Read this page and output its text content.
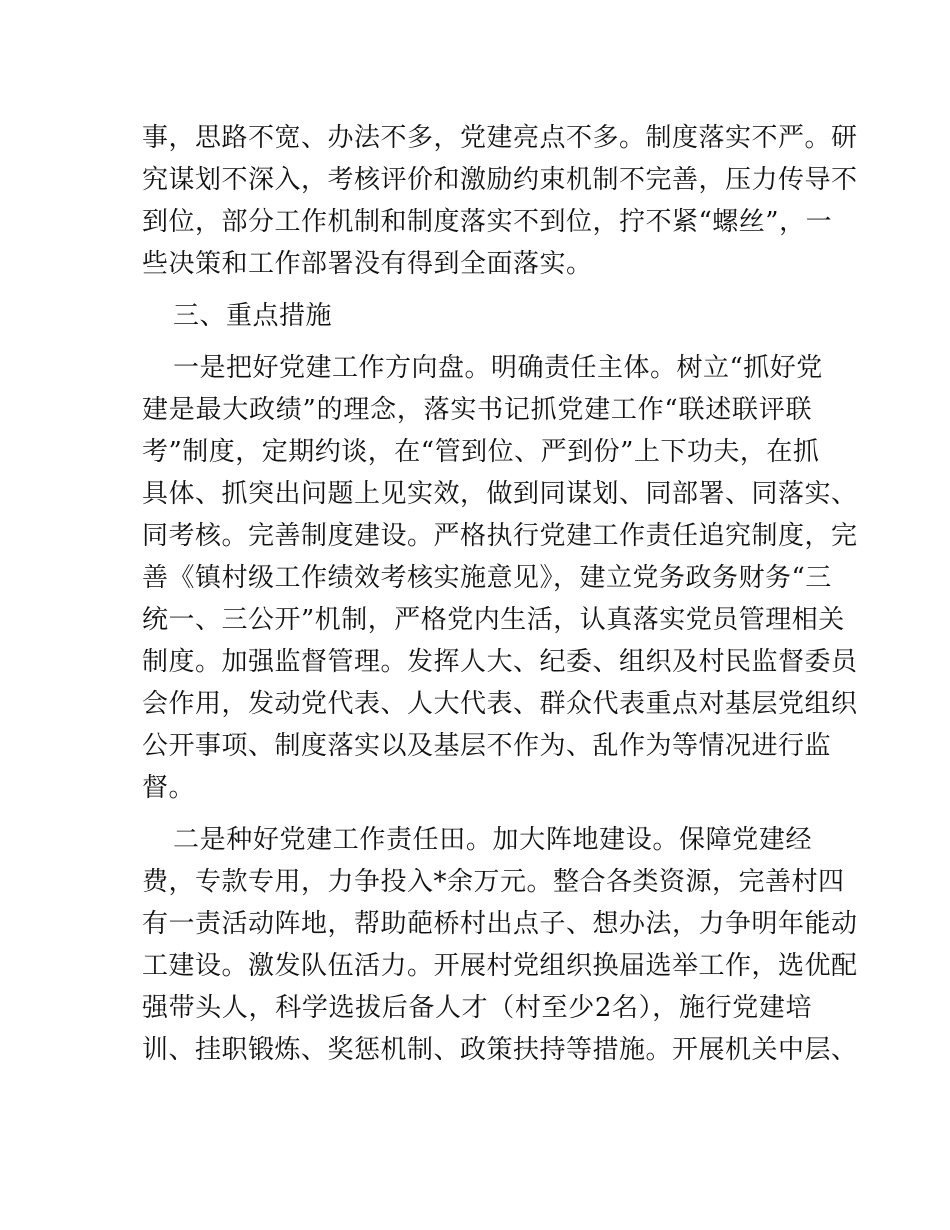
事，思路不宽、办法不多，党建亮点不多。制度落实不严。研
究谋划不深入，考核评价和激励约束机制不完善，压力传导不
到位，部分工作机制和制度落实不到位，拧不紧“螺丝”，一
些决策和工作部署没有得到全面落实。
三、重点措施
一是把好党建工作方向盘。明确责任主体。树立“抓好党
建是最大政绩”的理念，落实书记抓党建工作“联述联评联
考”制度，定期约谈，在“管到位、严到份”上下功夫，在抓
具体、抓突出问题上见实效，做到同谋划、同部署、同落实、
同考核。完善制度建设。严格执行党建工作责任追究制度，完
善《镇村级工作绩效考核实施意见》，建立党务政务财务“三
统一、三公开”机制，严格党内生活，认真落实党员管理相关
制度。加强监督管理。发挥人大、纪委、组织及村民监督委员
会作用，发动党代表、人大代表、群众代表重点对基层党组织
公开事项、制度落实以及基层不作为、乱作为等情况进行监
督。
二是种好党建工作责任田。加大阵地建设。保障党建经
费，专款专用，力争投入*余万元。整合各类资源，完善村四
有一责活动阵地，帮助葩桥村出点子、想办法，力争明年能动
工建设。激发队伍活力。开展村党组织换届选举工作，选优配
强带头人，科学选拔后备人才（村至少2名），施行党建培
训、挂职锻炼、奖惩机制、政策扶持等措施。开展机关中层、
